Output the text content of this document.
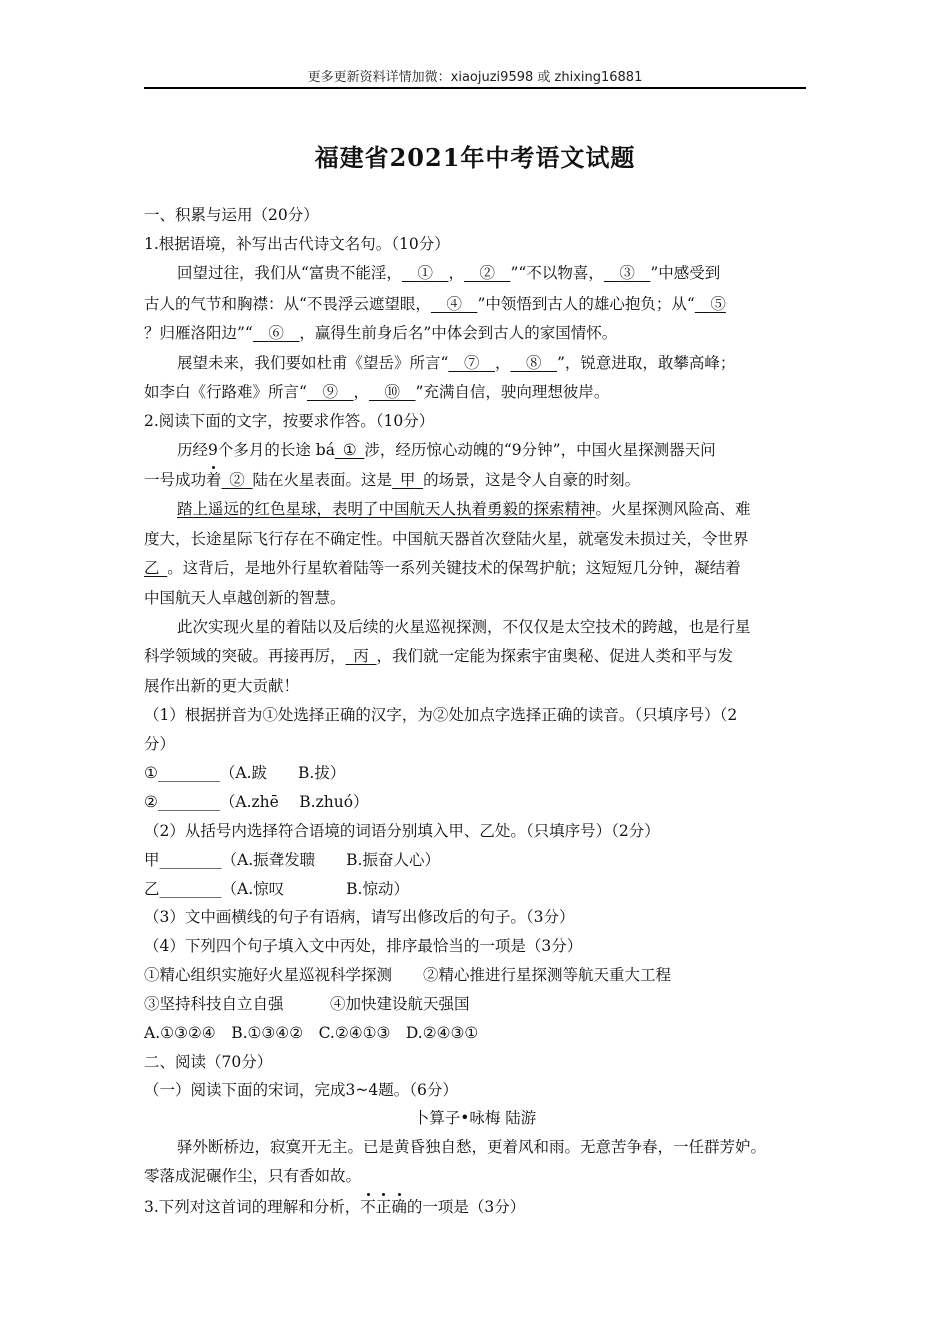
更多更新资料详情加微：xiaojuzi9598 或 zhixing16881
福建省2021年中考语文试题
一、积累与运用（20分）
1.根据语境，补写出古代诗文名句。（10分）
回望过往，我们从“富贵不能淫，  ①  ，  ②  ”“不以物喜，  ③  ”中感受到
古人的气节和胸襟：从“不畏浮云遮望眼，  ④  ”中领悟到古人的雄心抱负；从“  ⑤
？归雁洛阳边”“  ⑥  ，赢得生前身后名”中体会到古人的家国情怀。
展望未来，我们要如杜甫《望岳》所言“  ⑦  ，  ⑧  ”，锐意进取，敢攀高峰；
如李白《行路难》所言“  ⑨  ，  ⑩  ”充满自信，驶向理想彼岸。
2.阅读下面的文字，按要求作答。（10分）
历经9个多月的长途 bá  ①  涉，经历惊心动魄的“9分钟”，中国火星探测器天问
一号成功着  ②  陆在火星表面。这是  甲  的场景，这是令人自豪的时刻。
踏上遥远的红色星球，表明了中国航天人执着勇毅的探索精神。火星探测风险高、难
度大，长途星际飞行存在不确定性。中国航天器首次登陆火星，就毫发未损过关，令世界
乙  。这背后，是地外行星软着陆等一系列关键技术的保驾护航；这短短几分钟，凝结着
中国航天人卓越创新的智慧。
此次实现火星的着陆以及后续的火星巡视探测，不仅仅是太空技术的跨越，也是行星
科学领域的突破。再接再厉，  丙  ，我们就一定能为探索宇宙奥秘、促进人类和平与发
展作出新的更大贡献！
（1）根据拼音为①处选择正确的汉字，为②处加点字选择正确的读音。（只填序号）（2
分）
①________（A.跋　　B.拔）
②________（A.zhē　 B.zhuó）
（2）从括号内选择符合语境的词语分别填入甲、乙处。（只填序号）（2分）
甲________（A.振聋发聩　　B.振奋人心）
乙________（A.惊叹　　　　B.惊动）
（3）文中画横线的句子有语病，请写出修改后的句子。（3分）
（4）下列四个句子填入文中丙处，排序最恰当的一项是（3分）
①精心组织实施好火星巡视科学探测　　②精心推进行星探测等航天重大工程
③坚持科技自立自强　　　④加快建设航天强国
A.①③②④　B.①③④②　C.②④①③　D.②④③①
二、阅读（70分）
（一）阅读下面的宋词，完成3~4题。（6分）
卜算子•咏梅 陆游
驿外断桥边，寂寞开无主。已是黄昏独自愁，更着风和雨。无意苦争春，一任群芳妒。
零落成泥碾作尘，只有香如故。
3.下列对这首词的理解和分析，不正确的一项是（3分）
